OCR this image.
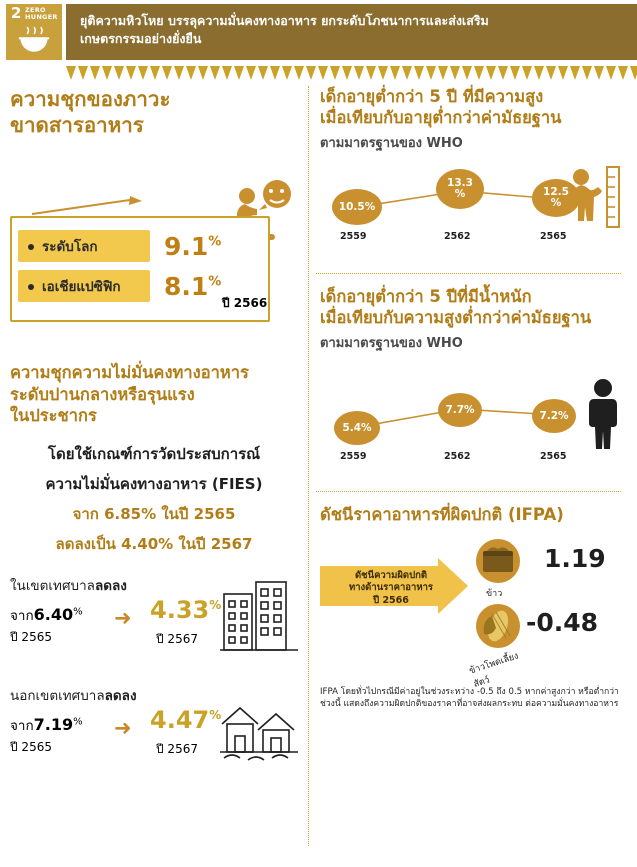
2 ZERO
HUNGER ยุติความหิวโหย บรรลุความมั่นคงทางอาหาร ยกระดับโภชนาการและส่งเสริม
เกษตรกรรมอย่างยั่งยืน
ความชุกของภาวะ
ขาดสารอาหาร
ระดับโลก	9.1%
เอเชียแปซิฟิก	8.1%
ปี 2566
ความชุกความไม่มั่นคงทางอาหาร
ระดับปานกลางหรือรุนแรง
ในประชากร

โดยใช้เกณฑ์การวัดประสบการณ์

ความไม่มั่นคงทางอาหาร (FIES)

จาก 6.85% ในปี 2565

ลดลงเป็น 4.40% ในปี 2567

ในเขตเทศบาลลดลง
จาก6.40%
ปี 2565
➜ 4.33%
ปี 2567
นอกเขตเทศบาลลดลง
จาก7.19%
ปี 2565
➜ 4.47%
ปี 2567
เด็กอายุต่ำกว่า 5 ปี ที่มีความสูง
เมื่อเทียบกับอายุต่ำกว่าค่ามัธยฐาน
ตามมาตรฐานของ WHO
10.5%
13.3
%	12.5
%
2559	2562	2565
เด็กอายุต่ำกว่า 5 ปีที่มีน้ำหนัก
เมื่อเทียบกับความสูงต่ำกว่าค่ามัธยฐาน
ตามมาตรฐานของ WHO
5.4%
7.7%	7.2%
2559	2562	2565
ดัชนีราคาอาหารที่ผิดปกติ (IFPA)
ดัชนีความผิดปกติ
ทางด้านราคาอาหาร
ปี 2566
ข้าว
1.19
ข้าวโพดเลี้ยงสัตว์
-0.48
IFPA โดยทั่วไปกรณีมีค่าอยู่ในช่วงระหว่าง -0.5 ถึง 0.5 หากค่าสูงกว่า หรือต่ำกว่าช่วงนี้ แสดงถึงความผิดปกติของราคาที่อาจส่งผลกระทบ ต่อความมั่นคงทางอาหาร
